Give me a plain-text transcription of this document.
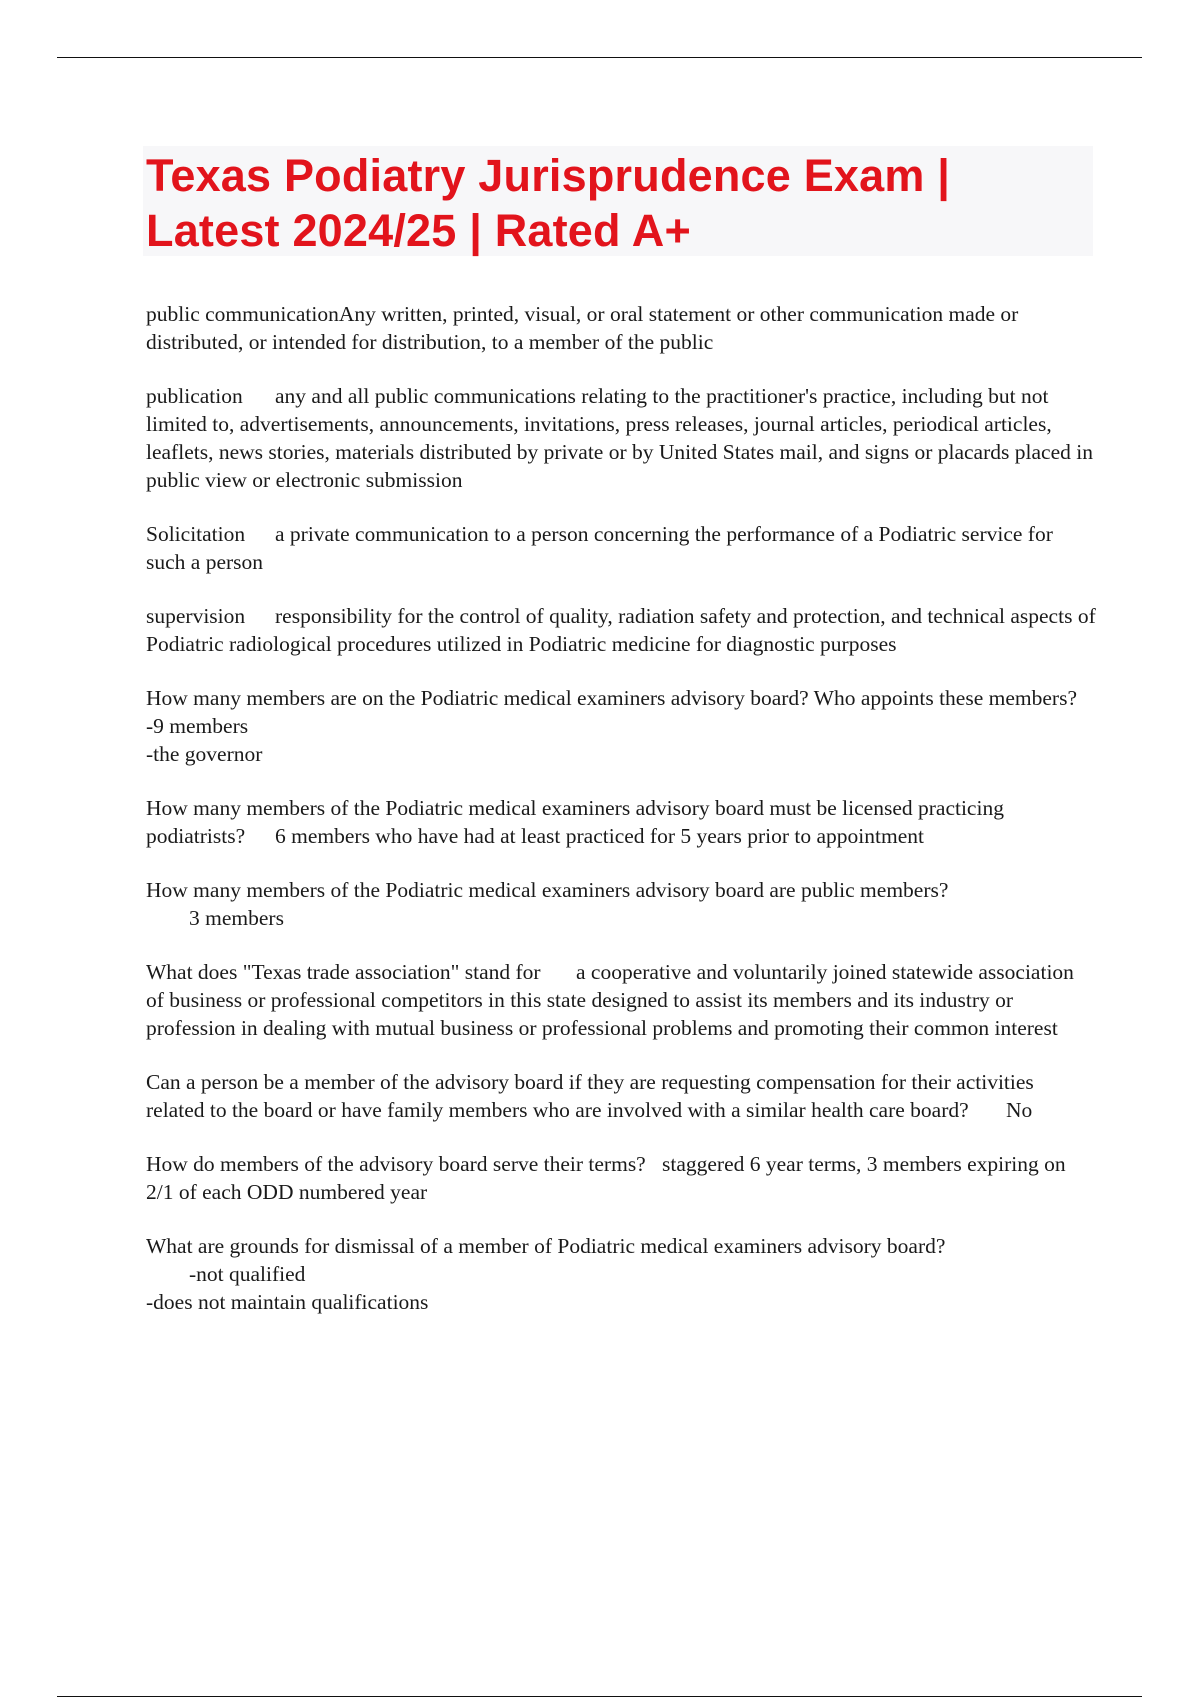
Texas Podiatry Jurisprudence Exam | Latest 2024/25 | Rated A+

public communicationAny written, printed, visual, or oral statement or other communication made or distributed, or intended for distribution, to a member of the public

publication	any and all public communications relating to the practitioner's practice, including but not limited to, advertisements, announcements, invitations, press releases, journal articles, periodical articles, leaflets, news stories, materials distributed by private or by United States mail, and signs or placards placed in public view or electronic submission

Solicitation	a private communication to a person concerning the performance of a Podiatric service for such a person

supervision	responsibility for the control of quality, radiation safety and protection, and technical aspects of Podiatric radiological procedures utilized in Podiatric medicine for diagnostic purposes

How many members are on the Podiatric medical examiners advisory board? Who appoints these members?	-9 members
-the governor

How many members of the Podiatric medical examiners advisory board must be licensed practicing podiatrists?	6 members who have had at least practiced for 5 years prior to appointment

How many members of the Podiatric medical examiners advisory board are public members?
	3 members

What does "Texas trade association" stand for	a cooperative and voluntarily joined statewide association of business or professional competitors in this state designed to assist its members and its industry or profession in dealing with mutual business or professional problems and promoting their common interest

Can a person be a member of the advisory board if they are requesting compensation for their activities related to the board or have family members who are involved with a similar health care board?	No

How do members of the advisory board serve their terms?	staggered 6 year terms, 3 members expiring on 2/1 of each ODD numbered year

What are grounds for dismissal of a member of Podiatric medical examiners advisory board?
	-not qualified
-does not maintain qualifications
